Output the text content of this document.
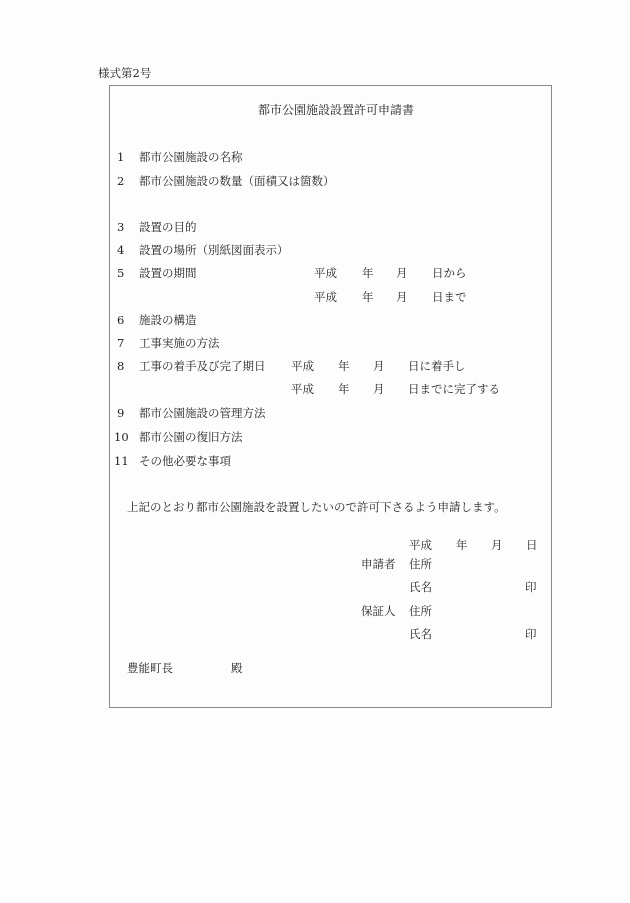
様式第2号
都市公園施設設置許可申請書
1 都市公園施設の名称
2 都市公園施設の数量（面積又は箇数）
3 設置の目的
4 設置の場所（別紙図面表示）
5 設置の期間	平成 年 月 日から
平成 年 月 日まで
6 施設の構造
7 工事実施の方法
8 工事の着手及び完了期日 平成 年 月 日に着手し
平成 年 月 日までに完了する
9 都市公園施設の管理方法
10 都市公園の復旧方法
11 その他必要な事項
上記のとおり都市公園施設を設置したいので許可下さるよう申請します。
平成 年 月 日
申請者 住所
氏名	印
保証人 住所
氏名	印
豊能町長	殿
